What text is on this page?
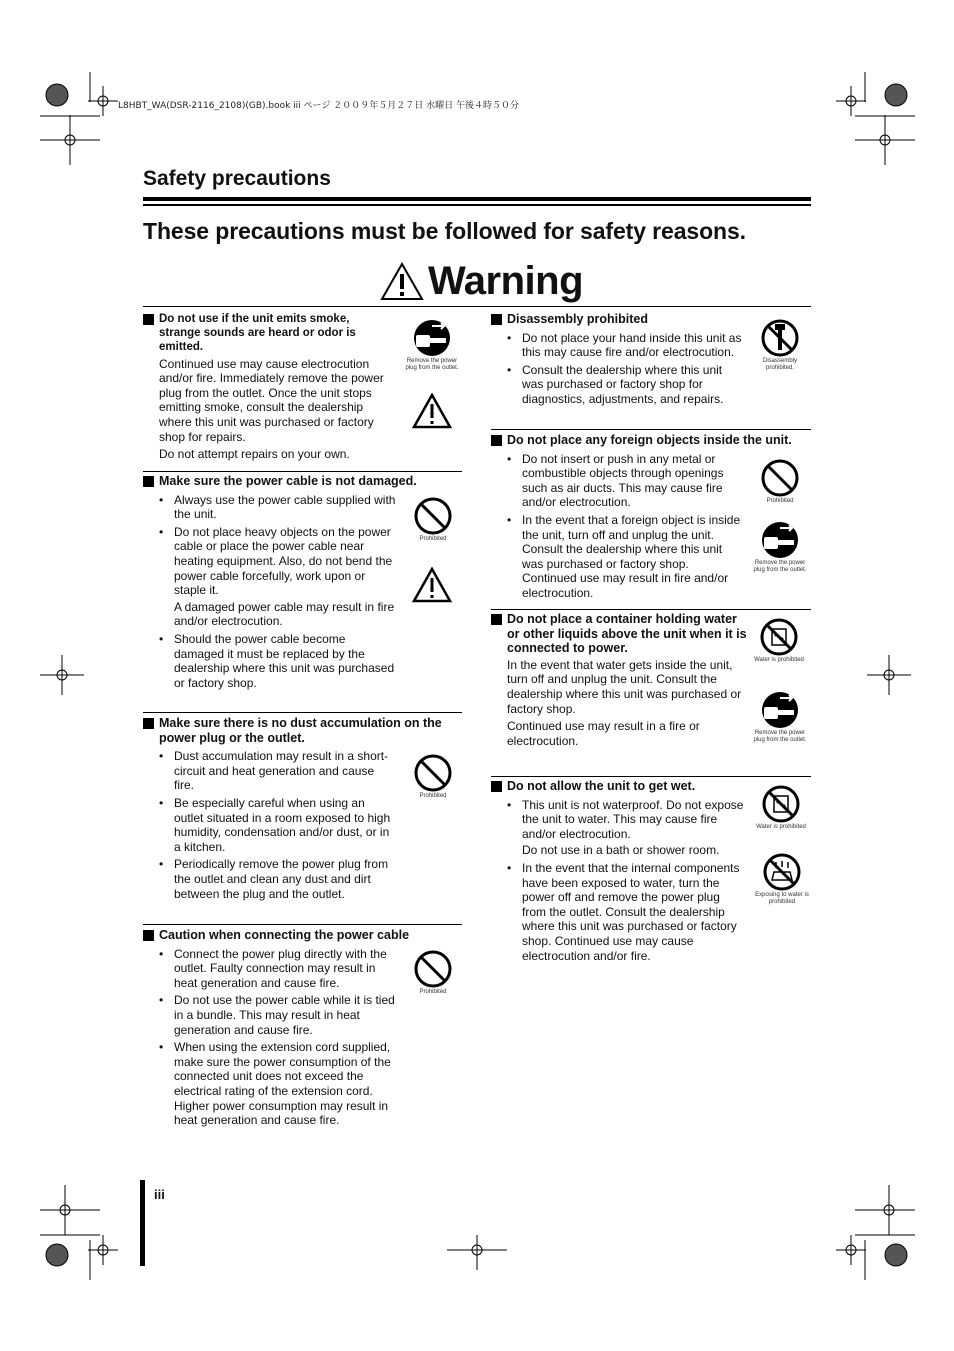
L8HBT_WA(DSR-2116_2108)(GB).book iii ページ ２００９年５月２７日 水曜日 午後４時５０分
Safety precautions
These precautions must be followed for safety reasons.
Warning
Do not use if the unit emits smoke, strange sounds are heard or odor is emitted.

Continued use may cause electrocution and/or fire. Immediately remove the power plug from the outlet. Once the unit stops emitting smoke, consult the dealership where this unit was purchased or factory shop for repairs.

Do not attempt repairs on your own.

Remove the power plug from the outlet.
Make sure the power cable is not damaged.
• Always use the power cable supplied with the unit.
• Do not place heavy objects on the power cable or place the power cable near heating equipment. Also, do not bend the power cable forcefully, work upon or staple it.

A damaged power cable may result in fire and/or electrocution.

• Should the power cable become damaged it must be replaced by the dealership where this unit was purchased or factory shop.
Prohibited
Make sure there is no dust accumulation on the power plug or the outlet.
• Dust accumulation may result in a short-circuit and heat generation and cause fire.
• Be especially careful when using an outlet situated in a room exposed to high humidity, condensation and/or dust, or in a kitchen.
• Periodically remove the power plug from the outlet and clean any dust and dirt between the plug and the outlet.
Prohibited
Caution when connecting the power cable
• Connect the power plug directly with the outlet. Faulty connection may result in heat generation and cause fire.
• Do not use the power cable while it is tied in a bundle. This may result in heat generation and cause fire.
• When using the extension cord supplied, make sure the power consumption of the connected unit does not exceed the electrical rating of the extension cord. Higher power consumption may result in heat generation and cause fire.
Prohibited
Disassembly prohibited
• Do not place your hand inside this unit as this may cause fire and/or electrocution.
• Consult the dealership where this unit was purchased or factory shop for diagnostics, adjustments, and repairs.
Disassembly prohibited.
Do not place any foreign objects inside the unit.
• Do not insert or push in any metal or combustible objects through openings such as air ducts. This may cause fire and/or electrocution.
• In the event that a foreign object is inside the unit, turn off and unplug the unit. Consult the dealership where this unit was purchased or factory shop. Continued use may result in fire and/or electrocution.
Prohibited
Remove the power plug from the outlet.
Do not place a container holding water or other liquids above the unit when it is connected to power.

In the event that water gets inside the unit, turn off and unplug the unit. Consult the dealership where this unit was purchased or factory shop.

Continued use may result in a fire or electrocution.

Water is prohibited
Remove the power plug from the outlet.
Do not allow the unit to get wet.
• This unit is not waterproof. Do not expose the unit to water. This may cause fire and/or electrocution.

Do not use in a bath or shower room.

• In the event that the internal components have been exposed to water, turn the power off and remove the power plug from the outlet. Consult the dealership where this unit was purchased or factory shop. Continued use may cause electrocution and/or fire.
Water is prohibited
Exposing to water is prohibited
iii
